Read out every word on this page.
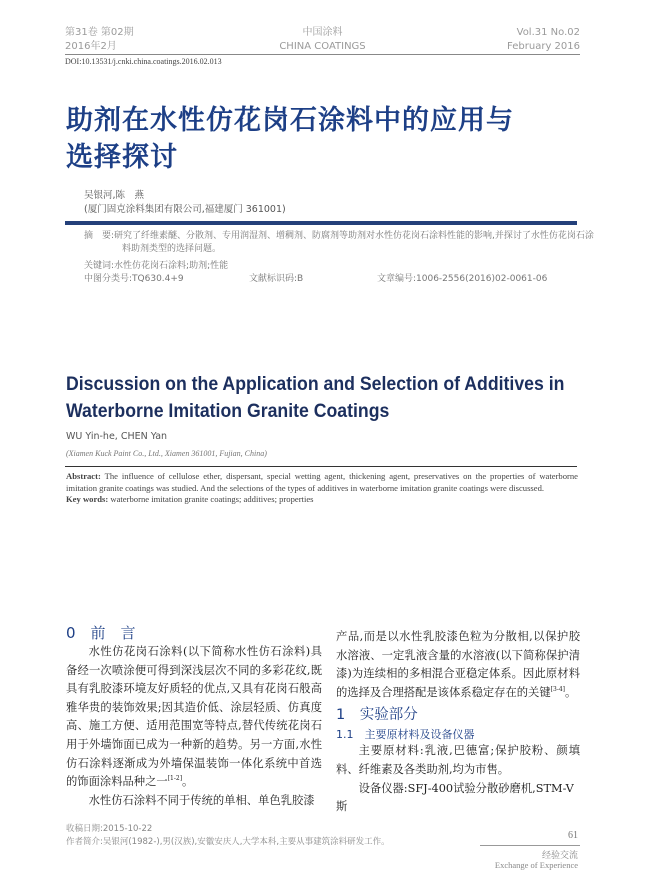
第31卷 第02期
2016年2月
中国涂料
CHINA COATINGS
Vol.31 No.02
February 2016
DOI:10.13531/j.cnki.china.coatings.2016.02.013
助剂在水性仿花岗石涂料中的应用与
选择探讨
吴银河,陈　燕
(厦门固克涂料集团有限公司,福建厦门 361001)
摘　要:研究了纤维素醚、分散剂、专用润湿剂、增稠剂、防腐剂等助剂对水性仿花岗石涂料性能的影响,并探讨了水性仿花岗石涂料助剂类型的选择问题。
关键词:水性仿花岗石涂料;助剂;性能
中图分类号:TQ630.4+9	文献标识码:B	文章编号:1006-2556(2016)02-0061-06
Discussion on the Application and Selection of Additives in
Waterborne Imitation Granite Coatings
WU Yin-he, CHEN Yan
(Xiamen Kuck Paint Co., Ltd., Xiamen 361001, Fujian, China)
Abstract: The influence of cellulose ether, dispersant, special wetting agent, thickening agent, preservatives on the properties of waterborne imitation granite coatings was studied. And the selections of the types of additives in waterborne imitation granite coatings were discussed.
Key words: waterborne imitation granite coatings; additives; properties
0　前　言
水性仿花岗石涂料(以下简称水性仿石涂料)具备经一次喷涂便可得到深浅层次不同的多彩花纹,既具有乳胶漆环境友好质轻的优点,又具有花岗石般高雅华贵的装饰效果;因其造价低、涂层轻质、仿真度高、施工方便、适用范围宽等特点,替代传统花岗石用于外墙饰面已成为一种新的趋势。另一方面,水性仿石涂料逐渐成为外墙保温装饰一体化系统中首选的饰面涂料品种之一[1-2]。
水性仿石涂料不同于传统的单相、单色乳胶漆
产品,而是以水性乳胶漆色粒为分散相,以保护胶水溶液、一定乳液含量的水溶液(以下简称保护清漆)为连续相的多相混合亚稳定体系。因此原材料的选择及合理搭配是该体系稳定存在的关键[3-4]。
1　实验部分
1.1　主要原材料及设备仪器
主要原材料:乳液,巴德富;保护胶粉、颜填料、纤维素及各类助剂,均为市售。
设备仪器:SFJ-400试验分散砂磨机,STM-V斯
收稿日期:2015-10-22
作者简介:吴银河(1982-),男(汉族),安徽安庆人,大学本科,主要从事建筑涂料研发工作。
61
经验交流
Exchange of Experience
